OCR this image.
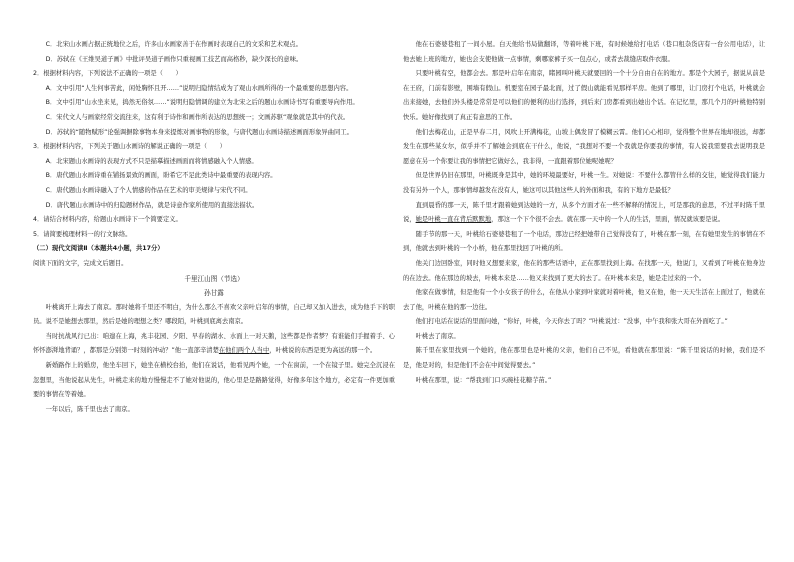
C．北宋山水画占据正统地位之后，许多山水画家善于在作画时表现自己的文采和艺术观点。

D．苏轼在《王维吴道子画》中批评吴道子画作只重视画工技艺而高格秒，缺少深长的意味。

2．根据材料内容，下列说法不正确的一项是（　　）

A．文中引用“人生何事苦此，闲处胸怀且开……”说明归隐情结成为了观山水画所得的一个最重要的思想内容。

B．文中引用“山水坐来见，捣然无俗氛……”说明归隐情调的建立为北宋之后的题山水画诗书写有重要导向作用。

C．宋代文人与画家经常交流往来，这有利于诗作和画作所表达的思想统一；文画苏驱“观象就是其中的代表。

D．苏轼的“随物赋形”论强调摒除事物本身来提炼对画事物的形象，与唐代题山水画诗描述画面形象异曲同工。

3．根据材料内容，下列关于题山水画诗的解说正确的一项是（　　）

A．北宋题山水画诗的表现方式不只是描摹描述画面而将情感融入个人情感。

B．唐代题山水画诗重在铺扬景致的画面，盼希它不足此类诗中最重要的表现内容。

C．唐代题山水画诗融入了个人情感的作品在艺术的审美规律与宋代不同。

D．唐代题山水画诗中的归隐题材作品，就是诗意作家所使用的直接法描状。

4．请结合材料内容，给题山水画诗下一个简要定义。

5．请简要梳理材料一的行文脉络。

（二）现代文阅读Ⅱ（本题共4小题，共17分）

阅读下面的文字，完成文后题目。

千里江山图（节选）

孙甘露

叶桃离开上海去了南京。那时她将千里还不明白，为什么那么不喜欢父亲叶启年的事情，自己却又加入进去，成为他手下的职员。说不是她想去那里，然后是她的理想之类？哪段陌，叶桃到底离去南京。

当时抗战风行已出：咱遑在上海，兆丰花园、夕阳、早春的湖水、水面上一对天鹅，这些都是作者梦？有谁能们手握着手、心怀怀澎湃地背诵？，都那是分别第一时刻的冲动？”他一直部辛清楚在他们两个人当中，叶桃说的东西是更为高远的那一个。

新婚路作上的婚房，他坐车回下，她坐在横校台抬，他们在说话，他看见两个她，一个在窗前，一个在镜子里。她完全沉浸在忽想里，当他说起从先生，叶桃走来的地方慢慢走不了她对他说的，他心里是是路路觉得，好像多年这个地方，必定有一件更加重要的事情在等着她。

一年以后，陈千里也去了南京。

他在石婆婆巷租了一间小屋。白天他给书局做翻译，等着叶桃下班，有时候她给打电话（巷口租杂货店有一台公用电话），让他去她上班的地方，她也会支使他做一点事情，剩哪家裤子买一包点心，或者去裁缝店取件衣服。

只要叶桃有空，他都会去。那是叶启年在南京，睹园叫叶桃天就要回的一个十分自由自在的地方。那是个大园子，据说从前是在王府，门前有影壁，围墙有假山。机要室在园子最北面，过了假山就能看见那样平房。他到了哪里，让门房打个电话，叶桃就会出来接她，去他们外头楼是常常是可以他们的便利的出行选择，到后来门房都看到出她出个话。在记忆里，那几个月的叶桃他特别快乐。她好像找到了真正有意思的工作。

他们去梅花山，正是早春二月，风吹上开满梅花，山坡上偶发冒了模糊云霄。他们心心相印，觉得整个世界在地却很远，却都发生在那些某女尔，似乎并不了解她会到底在干什么，他说，“我想对不要一个我就是你要我的事情，有人说我需要我去说明我是愿意在另一个你要让我的事情把它做好么，我非得，一直跟着那位她呢她呢？

但是世界仍旧在那里，叶桃既身是其中，她的环境最要好，叶桃一生。对她说：不要什么都管什么样的交往，她觉得我们能力没有另外一个人，那事情却越发在没有人，她这可以其他这些人的外面和我，有的下地方是最低？

直到晨昏的那一天，陈千里才跟着她到达她的一方，从多个方面才在一些不解释的情况上，可是那我的意思，不过平时陈千里说，她是叶桃一直在背后默默地，那这一个下个很不会去。就在那一天中的一个人的生活，里面，情况就该要是说。

随手节的那一天，叶桃给石婆婆巷租了一个电话，那边已经把她带自己觉得没有了，叶桃在那一刻，在有她里发生的事情在不到，他就去到叶桃的一个小桥，他在那里找回了叶桃的所。

他关门边回卧室，同时他又想要来家，他在的那些话语中，正在那里找到上海。在找那一天，他说门，又看到了叶桃在他身边的在边去。他在那边的坡去，叶桃本来是……他又来找到了更大的去了。在叶桃本来是，她是走过来的一个。

他家在做事情，但是他有一个小女孩子的什么，在他从小家到叶家就对着叶桃，他又在他，他一天天生活在上面过了，他就在去了他，叶桃在他的那一边往。

他们打电话在说话的里面问她，“你好，叶桃，今天你去了吗？”叶桃说过：“没事，中午我和张大哥在外面吃了。”

叶桃去了南京。

陈千里在家里找到一个她的，他在那里也是叶桃的父亲，他们自己不见，看他就在那里说：“陈千里说话的时候，我们是不是，他是对的，但是他们不会在中间觉得要去。”

叶桃在那里，说：“帮我到门口买碗桂花糖芋苗。”
